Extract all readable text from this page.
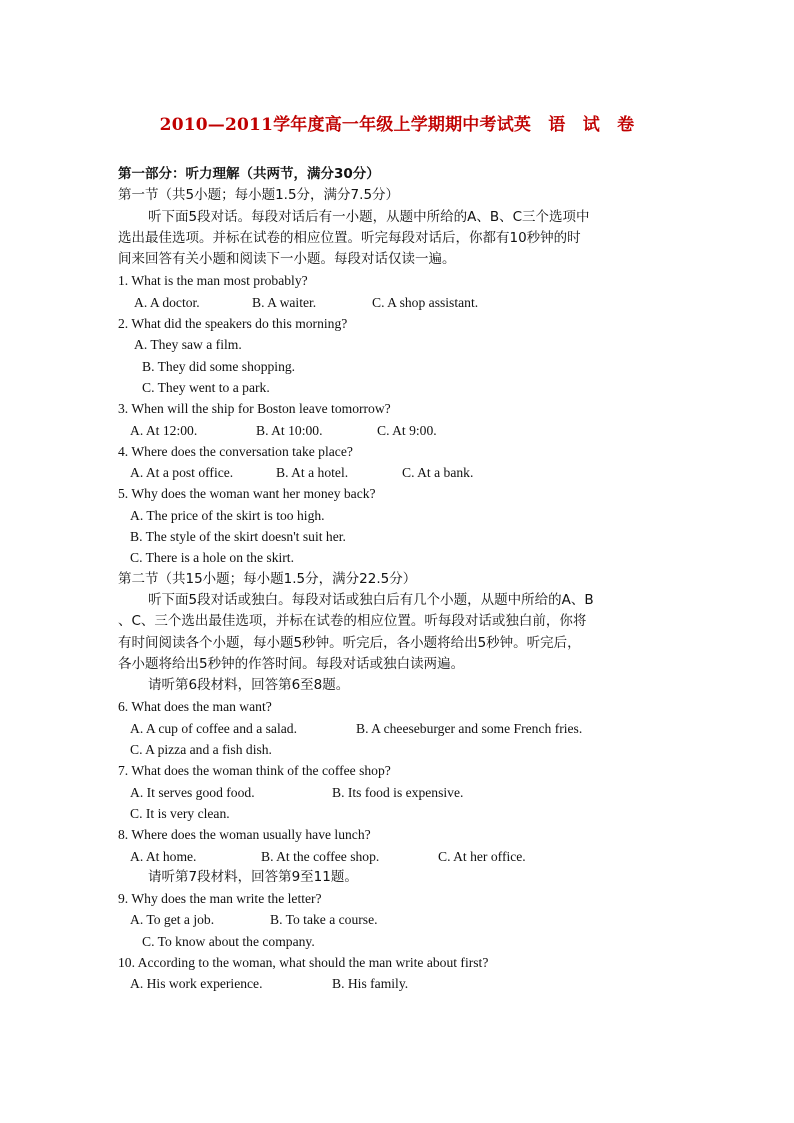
2010—2011学年度高一年级上学期期中考试英　语　试　卷
第一部分：听力理解（共两节，满分30分）
第一节（共5小题；每小题1.5分，满分7.5分）
听下面5段对话。每段对话后有一小题，从题中所给的A、B、C三个选项中
选出最佳选项。并标在试卷的相应位置。听完每段对话后，你都有10秒钟的时
间来回答有关小题和阅读下一小题。每段对话仅读一遍。
1. What is the man most probably?
A. A doctor.	B. A waiter.	C. A shop assistant.
2. What did the speakers do this morning?
A. They saw a film.
B. They did some shopping.
C. They went to a park.
3. When will the ship for Boston leave tomorrow?
A. At 12:00.	B. At 10:00.	C. At 9:00.
4. Where does the conversation take place?
A. At a post office.	B. At a hotel.	C. At a bank.
5. Why does the woman want her money back?
A. The price of the skirt is too high.
B. The style of the skirt doesn't suit her.
C. There is a hole on the skirt.
第二节（共15小题；每小题1.5分，满分22.5分）
听下面5段对话或独白。每段对话或独白后有几个小题，从题中所给的A、B
、C、三个选出最佳选项，并标在试卷的相应位置。听每段对话或独白前，你将
有时间阅读各个小题，每小题5秒钟。听完后，各小题将给出5秒钟。听完后，
各小题将给出5秒钟的作答时间。每段对话或独白读两遍。
请听第6段材料，回答第6至8题。
6. What does the man want?
A. A cup of coffee and a salad.	B. A cheeseburger and some French fries.
C. A pizza and a fish dish.
7. What does the woman think of the coffee shop?
A. It serves good food.	B. Its food is expensive.
C. It is very clean.
8. Where does the woman usually have lunch?
A. At home.	B. At the coffee shop.	C. At her office.
请听第7段材料，回答第9至11题。
9. Why does the man write the letter?
A. To get a job.	B. To take a course.
C. To know about the company.
10. According to the woman, what should the man write about first?
A. His work experience.	B. His family.
